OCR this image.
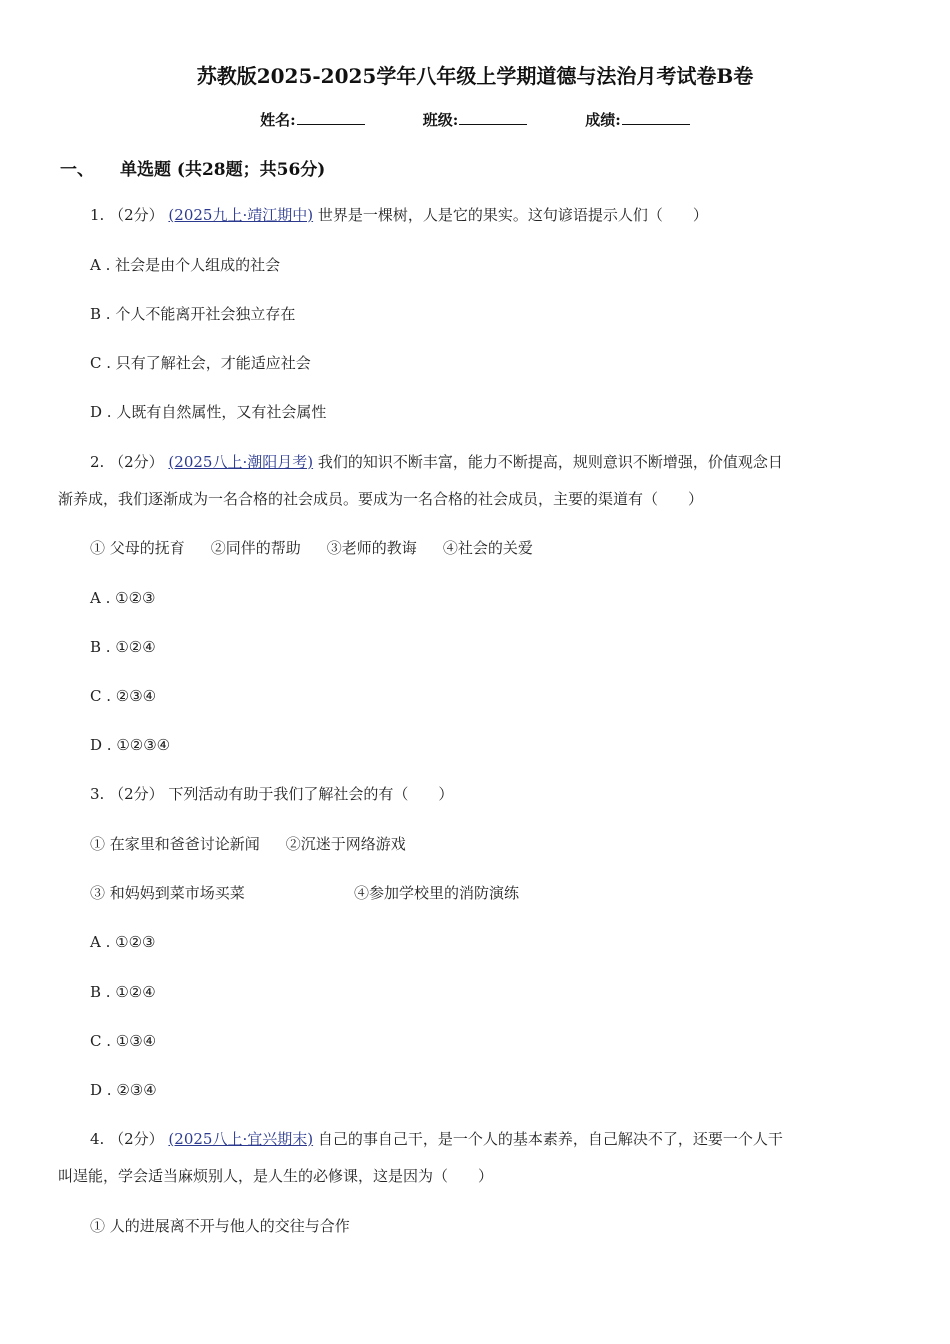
苏教版2025-2025学年八年级上学期道德与法治月考试卷B卷
姓名:	班级:	成绩:
一、 单选题 (共28题；共56分)
1. （2分） (2025九上·靖江期中) 世界是一棵树，人是它的果实。这句谚语提示人们（　　）
A . 社会是由个人组成的社会
B . 个人不能离开社会独立存在
C . 只有了解社会，才能适应社会
D . 人既有自然属性，又有社会属性
2. （2分） (2025八上·潮阳月考) 我们的知识不断丰富，能力不断提高，规则意识不断增强，价值观念日
渐养成，我们逐渐成为一名合格的社会成员。要成为一名合格的社会成员，主要的渠道有（　　）
① 父母的抚育 ②同伴的帮助 ③老师的教诲 ④社会的关爱
A . ①②③
B . ①②④
C . ②③④
D . ①②③④
3. （2分） 下列活动有助于我们了解社会的有（　　）
① 在家里和爸爸讨论新闻 ②沉迷于网络游戏
③ 和妈妈到菜市场买菜	④参加学校里的消防演练
A . ①②③
B . ①②④
C . ①③④
D . ②③④
4. （2分） (2025八上·宜兴期末) 自己的事自己干，是一个人的基本素养，自己解决不了，还要一个人干
叫逞能，学会适当麻烦别人，是人生的必修课，这是因为（　　）
① 人的进展离不开与他人的交往与合作
